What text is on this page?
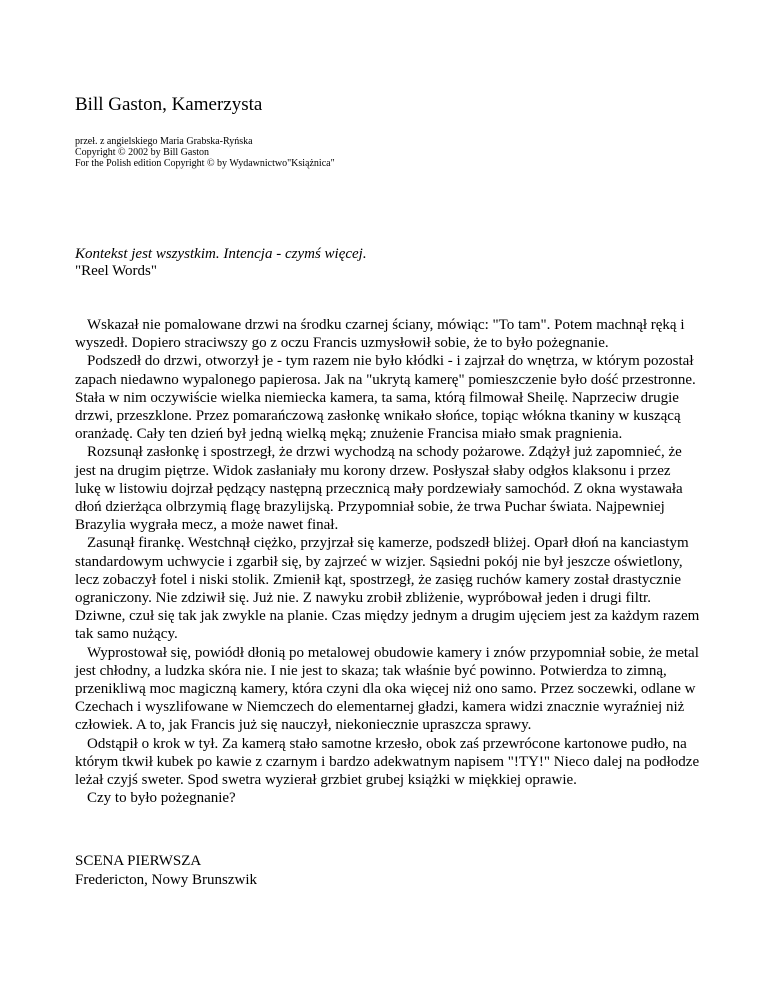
Bill Gaston, Kamerzysta
przeł. z angielskiego Maria Grabska-Ryńska
Copyright © 2002 by Bill Gaston
For the Polish edition Copyright © by Wydawnictwo"Książnica"
Kontekst jest wszystkim. Intencja - czymś więcej.
"Reel Words"

Wskazał nie pomalowane drzwi na środku czarnej ściany, mówiąc: "To tam". Potem machnął ręką i wyszedł. Dopiero straciwszy go z oczu Francis uzmysłowił sobie, że to było pożegnanie.

Podszedł do drzwi, otworzył je - tym razem nie było kłódki - i zajrzał do wnętrza, w którym pozostał zapach niedawno wypalonego papierosa. Jak na "ukrytą kamerę" pomieszczenie było dość przestronne. Stała w nim oczywiście wielka niemiecka kamera, ta sama, którą filmował Sheilę. Naprzeciw drugie drzwi, przeszklone. Przez pomarańczową zasłonkę wnikało słońce, topiąc włókna tkaniny w kuszącą oranżadę. Cały ten dzień był jedną wielką męką; znużenie Francisa miało smak pragnienia.

Rozsunął zasłonkę i spostrzegł, że drzwi wychodzą na schody pożarowe. Zdążył już zapomnieć, że jest na drugim piętrze. Widok zasłaniały mu korony drzew. Posłyszał słaby odgłos klaksonu i przez lukę w listowiu dojrzał pędzący następną przecznicą mały pordzewiały samochód. Z okna wystawała dłoń dzierżąca olbrzymią flagę brazylijską. Przypomniał sobie, że trwa Puchar świata. Najpewniej Brazylia wygrała mecz, a może nawet finał.

Zasunął firankę. Westchnął ciężko, przyjrzał się kamerze, podszedł bliżej. Oparł dłoń na kanciastym standardowym uchwycie i zgarbił się, by zajrzeć w wizjer. Sąsiedni pokój nie był jeszcze oświetlony, lecz zobaczył fotel i niski stolik. Zmienił kąt, spostrzegł, że zasięg ruchów kamery został drastycznie ograniczony. Nie zdziwił się. Już nie. Z nawyku zrobił zbliżenie, wypróbował jeden i drugi filtr. Dziwne, czuł się tak jak zwykle na planie. Czas między jednym a drugim ujęciem jest za każdym razem tak samo nużący.

Wyprostował się, powiódł dłonią po metalowej obudowie kamery i znów przypomniał sobie, że metal jest chłodny, a ludzka skóra nie. I nie jest to skaza; tak właśnie być powinno. Potwierdza to zimną, przenikliwą moc magiczną kamery, która czyni dla oka więcej niż ono samo. Przez soczewki, odlane w Czechach i wyszlifowane w Niemczech do elementarnej gładzi, kamera widzi znacznie wyraźniej niż człowiek. A to, jak Francis już się nauczył, niekoniecznie upraszcza sprawy.

Odstąpił o krok w tył. Za kamerą stało samotne krzesło, obok zaś przewrócone kartonowe pudło, na którym tkwił kubek po kawie z czarnym i bardzo adekwatnym napisem "!TY!" Nieco dalej na podłodze leżał czyjś sweter. Spod swetra wyzierał grzbiet grubej książki w miękkiej oprawie.

Czy to było pożegnanie?

SCENA PIERWSZA
Fredericton, Nowy Brunszwik
